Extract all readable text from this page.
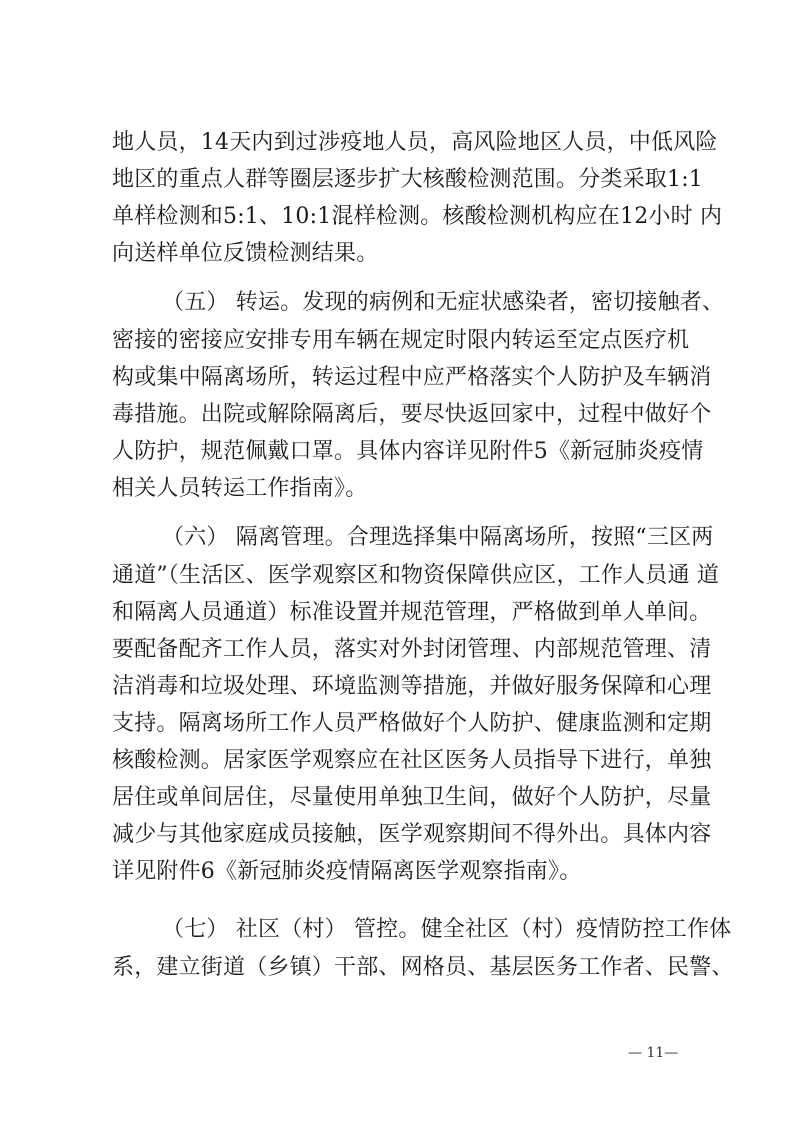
地人员，14天内到过涉疫地人员，高风险地区人员，中低风险
地区的重点人群等圈层逐步扩大核酸检测范围。分类采取1:1
单样检测和5:1、10:1混样检测。核酸检测机构应在12小时 内
向送样单位反馈检测结果。
（五） 转运。发现的病例和无症状感染者，密切接触者、
密接的密接应安排专用车辆在规定时限内转运至定点医疗机
构或集中隔离场所，转运过程中应严格落实个人防护及车辆消
毒措施。出院或解除隔离后，要尽快返回家中，过程中做好个
人防护，规范佩戴口罩。具体内容详见附件5《新冠肺炎疫情
相关人员转运工作指南》。
（六） 隔离管理。合理选择集中隔离场所，按照“三区两
通道”（生活区、医学观察区和物资保障供应区，工作人员通 道
和隔离人员通道）标准设置并规范管理，严格做到单人单间。
要配备配齐工作人员，落实对外封闭管理、内部规范管理、清
洁消毒和垃圾处理、环境监测等措施，并做好服务保障和心理
支持。隔离场所工作人员严格做好个人防护、健康监测和定期
核酸检测。居家医学观察应在社区医务人员指导下进行，单独
居住或单间居住，尽量使用单独卫生间，做好个人防护，尽量
减少与其他家庭成员接触，医学观察期间不得外出。具体内容
详见附件6《新冠肺炎疫情隔离医学观察指南》。
（七） 社区（村） 管控。健全社区（村）疫情防控工作体
系，建立街道（乡镇）干部、网格员、基层医务工作者、民警、
— 11—
